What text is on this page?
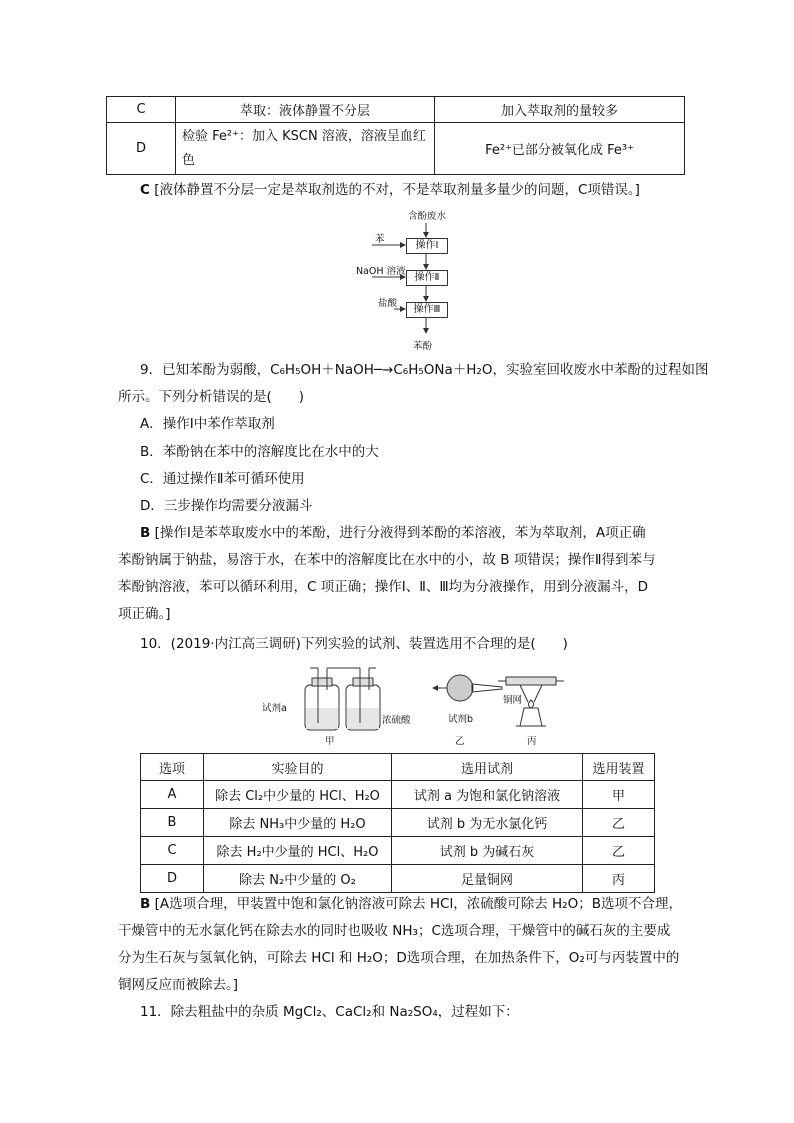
C	萃取：液体静置不分层	加入萃取剂的量较多
D	检验 Fe²⁺：加入 KSCN 溶液，溶液呈血红
色	Fe²⁺已部分被氧化成 Fe³⁺
C [液体静置不分层一定是萃取剂选的不对，不是萃取剂量多量少的问题，C项错误。]
含酚废水
操作Ⅰ
操作Ⅱ
操作Ⅲ
苯
NaOH 溶液
盐酸
苯酚
9．已知苯酚为弱酸，C₆H₅OH＋NaOH─→C₆H₅ONa＋H₂O，实验室回收废水中苯酚的过程如图
所示。下列分析错误的是(　　)
A．操作Ⅰ中苯作萃取剂
B．苯酚钠在苯中的溶解度比在水中的大
C．通过操作Ⅱ苯可循环使用
D．三步操作均需要分液漏斗
B [操作Ⅰ是苯萃取废水中的苯酚，进行分液得到苯酚的苯溶液，苯为萃取剂，A项正确
苯酚钠属于钠盐，易溶于水，在苯中的溶解度比在水中的小，故 B 项错误；操作Ⅱ得到苯与
苯酚钠溶液，苯可以循环利用，C 项正确；操作Ⅰ、Ⅱ、Ⅲ均为分液操作，用到分液漏斗，D
项正确。]
10．(2019·内江高三调研)下列实验的试剂、装置选用不合理的是(　　)
试剂a
浓硫酸	试剂b
铜网
甲	乙	丙
选项	实验目的	选用试剂	选用装置
A	除去 Cl₂中少量的 HCl、H₂O	试剂 a 为饱和氯化钠溶液	甲
B	除去 NH₃中少量的 H₂O	试剂 b 为无水氯化钙	乙
C	除去 H₂中少量的 HCl、H₂O	试剂 b 为碱石灰	乙
D	除去 N₂中少量的 O₂	足量铜网	丙
B [A选项合理，甲装置中饱和氯化钠溶液可除去 HCl，浓硫酸可除去 H₂O；B选项不合理，
干燥管中的无水氯化钙在除去水的同时也吸收 NH₃；C选项合理，干燥管中的碱石灰的主要成
分为生石灰与氢氧化钠，可除去 HCl 和 H₂O；D选项合理，在加热条件下，O₂可与丙装置中的
铜网反应而被除去。]
11．除去粗盐中的杂质 MgCl₂、CaCl₂和 Na₂SO₄，过程如下：
